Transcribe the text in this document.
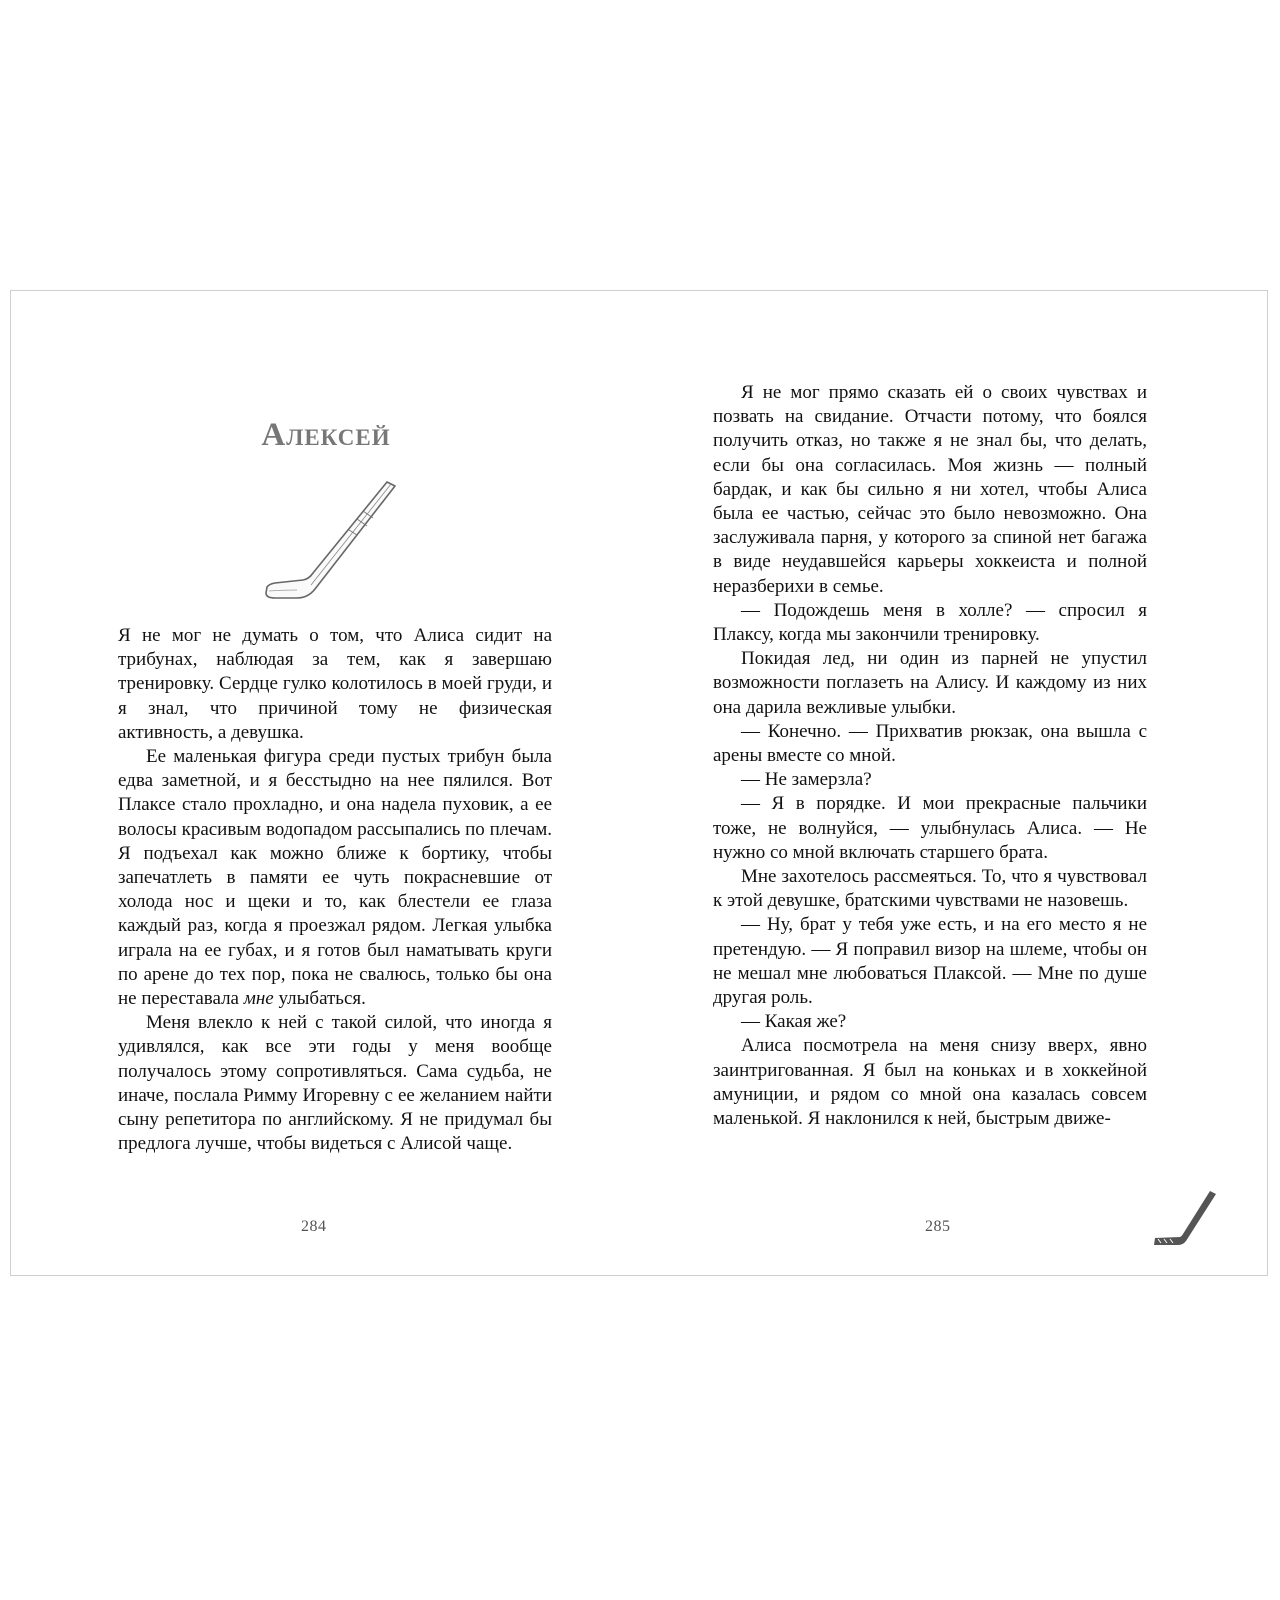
Алексей

Я не мог не думать о том, что Алиса сидит на трибунах, наблюдая за тем, как я завершаю тренировку. Сердце гулко колотилось в моей груди, и я знал, что причиной тому не физическая активность, а девушка.

Ее маленькая фигура среди пустых трибун была едва заметной, и я бесстыдно на нее пялился. Вот Плаксе стало прохладно, и она надела пуховик, а ее волосы красивым водопадом рассыпались по плечам. Я подъехал как можно ближе к бортику, чтобы запечатлеть в памяти ее чуть покрасневшие от холода нос и щеки и то, как блестели ее глаза каждый раз, когда я проезжал рядом. Легкая улыбка играла на ее губах, и я готов был наматывать круги по арене до тех пор, пока не свалюсь, только бы она не переставала мне улыбаться.

Меня влекло к ней с такой силой, что иногда я удивлялся, как все эти годы у меня вообще получалось этому сопротивляться. Сама судьба, не иначе, послала Римму Игоревну с ее желанием найти сыну репетитора по английскому. Я не придумал бы предлога лучше, чтобы видеться с Алисой чаще.

284

Я не мог прямо сказать ей о своих чувствах и позвать на свидание. Отчасти потому, что боялся получить отказ, но также я не знал бы, что делать, если бы она согласилась. Моя жизнь — полный бардак, и как бы сильно я ни хотел, чтобы Алиса была ее частью, сейчас это было невозможно. Она заслуживала парня, у которого за спиной нет багажа в виде неудавшейся карьеры хоккеиста и полной неразберихи в семье.

— Подождешь меня в холле? — спросил я Плаксу, когда мы закончили тренировку.

Покидая лед, ни один из парней не упустил возможности поглазеть на Алису. И каждому из них она дарила вежливые улыбки.

— Конечно. — Прихватив рюкзак, она вышла с арены вместе со мной.

— Не замерзла?

— Я в порядке. И мои прекрасные пальчики тоже, не волнуйся, — улыбнулась Алиса. — Не нужно со мной включать старшего брата.

Мне захотелось рассмеяться. То, что я чувствовал к этой девушке, братскими чувствами не назовешь.

— Ну, брат у тебя уже есть, и на его место я не претендую. — Я поправил визор на шлеме, чтобы он не мешал мне любоваться Плаксой. — Мне по душе другая роль.

— Какая же?

Алиса посмотрела на меня снизу вверх, явно заинтригованная. Я был на коньках и в хоккейной амуниции, и рядом со мной она казалась совсем маленькой. Я наклонился к ней, быстрым движе-

285
